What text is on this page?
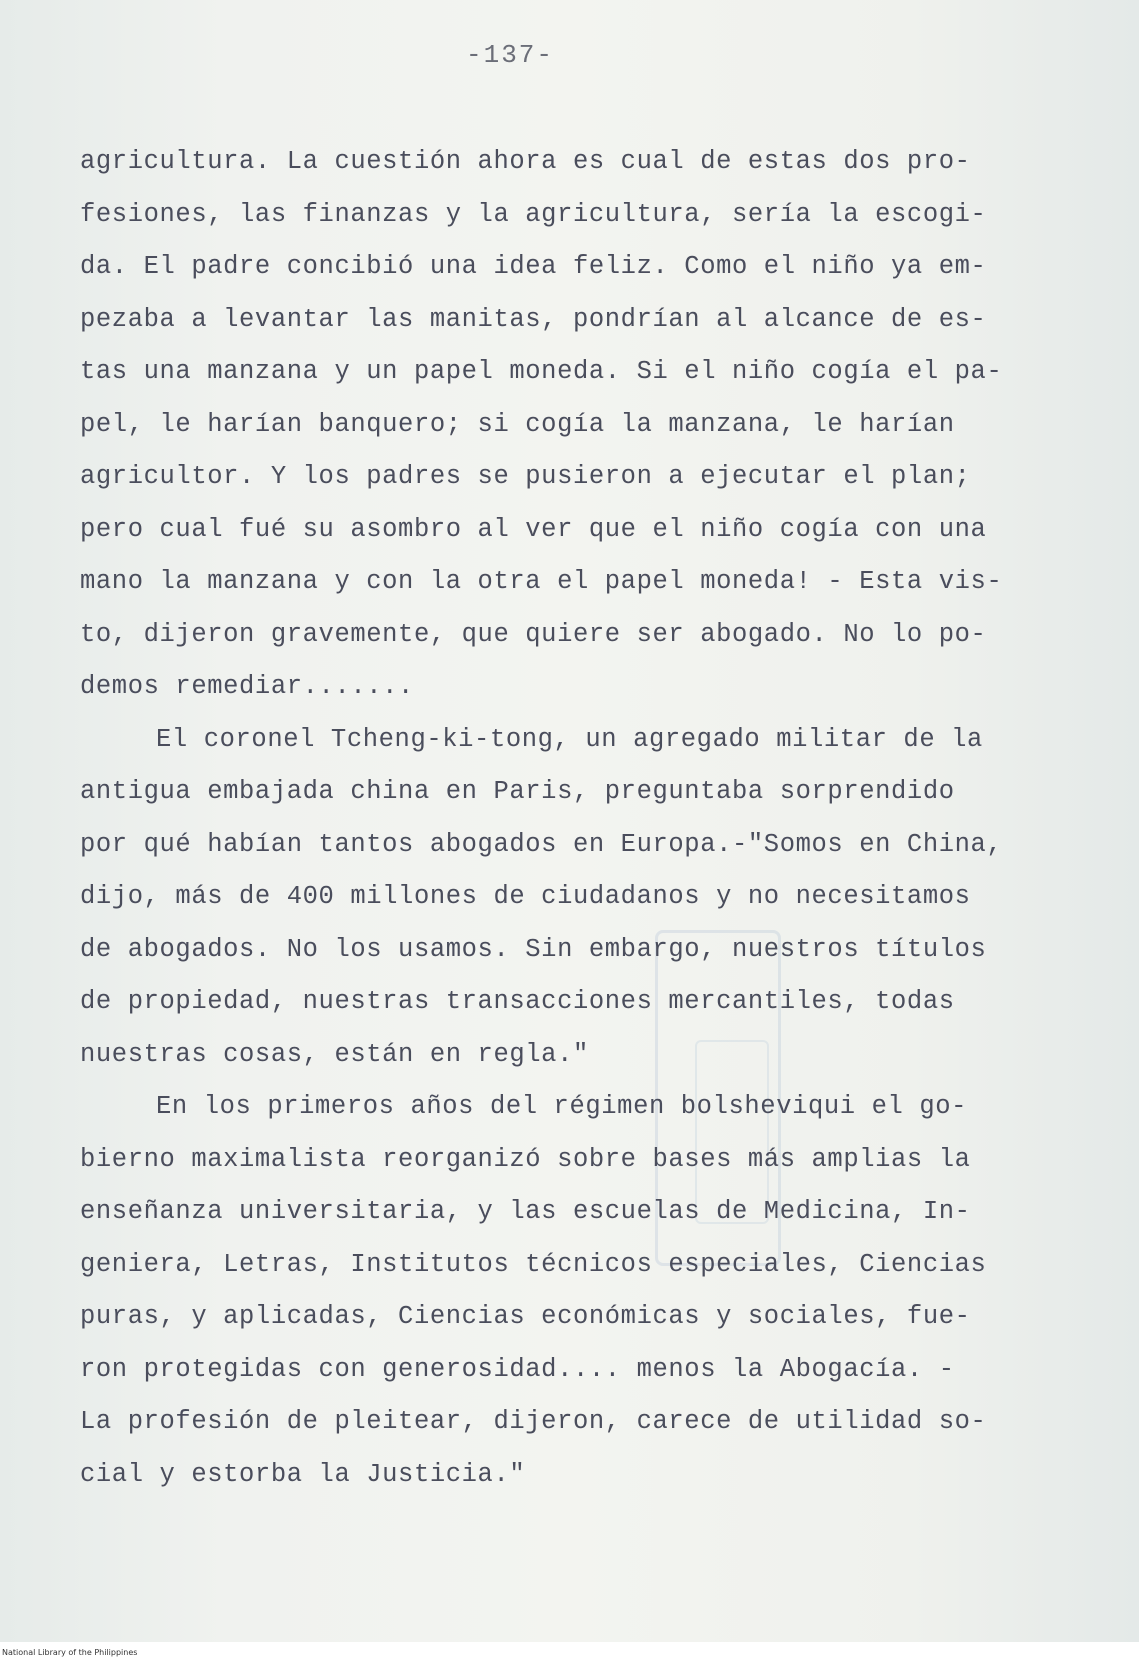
-137-
agricultura. La cuestión ahora es cual de estas dos pro-
fesiones, las finanzas y la agricultura, sería la escogi-
da. El padre concibió una idea feliz. Como el niño ya em-
pezaba a levantar las manitas, pondrían al alcance de es-
tas una manzana y un papel moneda. Si el niño cogía el pa-
pel, le harían banquero; si cogía la manzana, le harían
agricultor. Y los padres se pusieron a ejecutar el plan;
pero cual fué su asombro al ver que el niño cogía con una
mano la manzana y con la otra el papel moneda! - Esta vis-
to, dijeron gravemente, que quiere ser abogado. No lo po-
demos remediar.......
El coronel Tcheng-ki-tong, un agregado militar de la
antigua embajada china en Paris, preguntaba sorprendido
por qué habían tantos abogados en Europa.-"Somos en China,
dijo, más de 400 millones de ciudadanos y no necesitamos
de abogados. No los usamos. Sin embargo, nuestros títulos
de propiedad, nuestras transacciones mercantiles, todas
nuestras cosas, están en regla."
En los primeros años del régimen bolsheviqui el go-
bierno maximalista reorganizó sobre bases más amplias la
enseñanza universitaria, y las escuelas de Medicina, In-
geniera, Letras, Institutos técnicos especiales, Ciencias
puras, y aplicadas, Ciencias económicas y sociales, fue-
ron protegidas con generosidad.... menos la Abogacía. -
La profesión de pleitear, dijeron, carece de utilidad so-
cial y estorba la Justicia."
National Library of the Philippines
